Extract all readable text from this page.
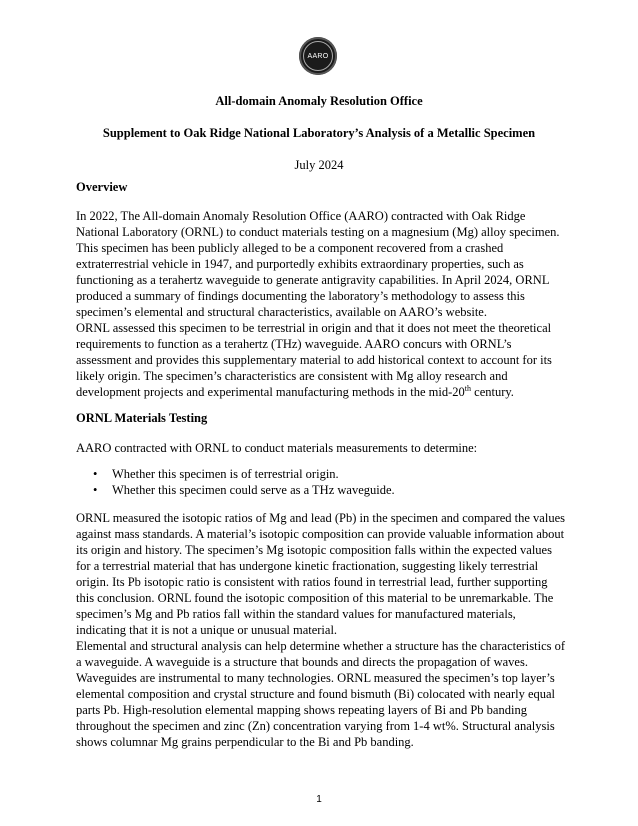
AARO
All-domain Anomaly Resolution Office
Supplement to Oak Ridge National Laboratory’s Analysis of a Metallic Specimen
July 2024
Overview

In 2022, The All-domain Anomaly Resolution Office (AARO) contracted with Oak Ridge National Laboratory (ORNL) to conduct materials testing on a magnesium (Mg) alloy specimen. This specimen has been publicly alleged to be a component recovered from a crashed extraterrestrial vehicle in 1947, and purportedly exhibits extraordinary properties, such as functioning as a terahertz waveguide to generate antigravity capabilities. In April 2024, ORNL produced a summary of findings documenting the laboratory’s methodology to assess this specimen’s elemental and structural characteristics, available on AARO’s website.

ORNL assessed this specimen to be terrestrial in origin and that it does not meet the theoretical requirements to function as a terahertz (THz) waveguide. AARO concurs with ORNL’s assessment and provides this supplementary material to add historical context to account for its likely origin. The specimen’s characteristics are consistent with Mg alloy research and development projects and experimental manufacturing methods in the mid-20th century.

ORNL Materials Testing

AARO contracted with ORNL to conduct materials measurements to determine:

• Whether this specimen is of terrestrial origin.
• Whether this specimen could serve as a THz waveguide.

ORNL measured the isotopic ratios of Mg and lead (Pb) in the specimen and compared the values against mass standards. A material’s isotopic composition can provide valuable information about its origin and history. The specimen’s Mg isotopic composition falls within the expected values for a terrestrial material that has undergone kinetic fractionation, suggesting likely terrestrial origin. Its Pb isotopic ratio is consistent with ratios found in terrestrial lead, further supporting this conclusion. ORNL found the isotopic composition of this material to be unremarkable. The specimen’s Mg and Pb ratios fall within the standard values for manufactured materials, indicating that it is not a unique or unusual material.

Elemental and structural analysis can help determine whether a structure has the characteristics of a waveguide. A waveguide is a structure that bounds and directs the propagation of waves. Waveguides are instrumental to many technologies. ORNL measured the specimen’s top layer’s elemental composition and crystal structure and found bismuth (Bi) colocated with nearly equal parts Pb. High-resolution elemental mapping shows repeating layers of Bi and Pb banding throughout the specimen and zinc (Zn) concentration varying from 1-4 wt%. Structural analysis shows columnar Mg grains perpendicular to the Bi and Pb banding.

1
